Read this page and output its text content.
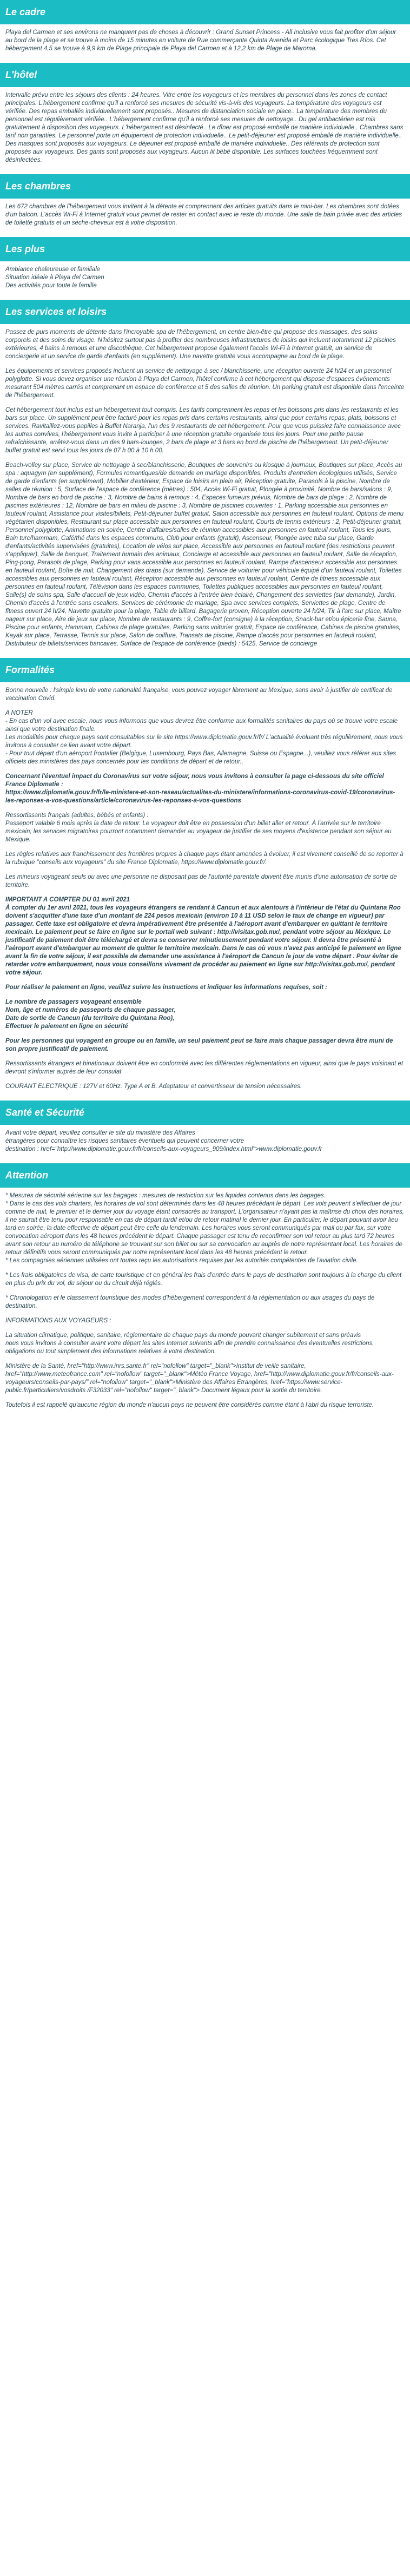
Le cadre

Playa del Carmen et ses environs ne manquent pas de choses à découvrir : Grand Sunset Princess - All Inclusive vous fait profiter d'un séjour au bord de la plage et se trouve à moins de 15 minutes en voiture de Rue commerçante Quinta Avenida et Parc écologique Tres Ríos. Cet hébergement 4,5 se trouve à 9,9 km de Plage principale de Playa del Carmen et à 12,2 km de Plage de Maroma.

L'hôtel

Intervalle prévu entre les séjours des clients : 24 heures. Vitre entre les voyageurs et les membres du personnel dans les zones de contact principales. L'hébergement confirme qu'il a renforcé ses mesures de sécurité vis-à-vis des voyageurs. La température des voyageurs est vérifiée. Des repas emballés individuellement sont proposés.. Mesures de distanciation sociale en place.. La température des membres du personnel est régulièrement vérifiée.. L'hébergement confirme qu'il a renforcé ses mesures de nettoyage.. Du gel antibactérien est mis gratuitement à disposition des voyageurs. L'hébergement est désinfecté.. Le dîner est proposé emballé de manière individuelle.. Chambres sans tarif non garanties. Le personnel porte un équipement de protection individuelle.. Le petit-déjeuner est proposé emballé de manière individuelle.. Des masques sont proposés aux voyageurs. Le déjeuner est proposé emballé de manière individuelle.. Des référents de protection sont proposés aux voyageurs. Des gants sont proposés aux voyageurs. Aucun lit bébé disponible. Les surfaces touchées fréquemment sont désinfectées.

Les chambres

Les 672 chambres de l'hébergement vous invitent à la détente et comprennent des articles gratuits dans le mini-bar. Les chambres sont dotées d'un balcon. L'accès Wi-Fi à Internet gratuit vous permet de rester en contact avec le reste du monde. Une salle de bain privée avec des articles de toilette gratuits et un sèche-cheveux est à votre disposition.

Les plus
Ambiance chaleureuse et familiale
Situation idéale à Playa del Carmen
Des activités pour toute la famille
Les services et loisirs

Passez de purs moments de détente dans l'incroyable spa de l'hébergement, un centre bien-être qui propose des massages, des soins corporels et des soins du visage. N'hésitez surtout pas à profiter des nombreuses infrastructures de loisirs qui incluent notamment 12 piscines extérieures, 4 bains à remous et une discothèque. Cet hébergement propose également l'accès Wi-Fi à Internet gratuit, un service de conciergerie et un service de garde d'enfants (en supplément). Une navette gratuite vous accompagne au bord de la plage.

Les équipements et services proposés incluent un service de nettoyage à sec / blanchisserie, une réception ouverte 24 h/24 et un personnel polyglotte. Si vous devez organiser une réunion à Playa del Carmen, l'hôtel confirme à cet hébergement qui dispose d'espaces événements mesurant 504 mètres carrés et comprenant un espace de conférence et 5 des salles de réunion. Un parking gratuit est disponible dans l'enceinte de l'hébergement.

Cet hébergement tout inclus est un hébergement tout compris. Les tarifs comprennent les repas et les boissons pris dans les restaurants et les bars sur place. Un supplément peut être facturé pour les repas pris dans certains restaurants, ainsi que pour certains repas, plats, boissons et services. Ravitaillez-vous papilles à Buffet Naranja, l'un des 9 restaurants de cet hébergement. Pour que vous puissiez faire connaissance avec les autres convives, l'hébergement vous invite à participer à une réception gratuite organisée tous les jours. Pour une petite pause rafraîchissante, arrêtez-vous dans un des 9 bars-lounges, 2 bars de plage et 3 bars en bord de piscine de l'hébergement. Un petit-déjeuner buffet gratuit est servi tous les jours de 07 h 00 à 10 h 00.

Beach-volley sur place, Service de nettoyage à sec/blanchisserie, Boutiques de souvenirs ou kiosque à journaux, Boutiques sur place, Accès au spa : aquagym (en supplément), Formules romantiques/de demande en mariage disponibles, Produits d'entretien écologiques utilisés, Service de garde d'enfants (en supplément), Mobilier d'extérieur, Espace de loisirs en plein air, Réception gratuite, Parasols à la piscine, Nombre de salles de réunion : 5, Surface de l'espace de conférence (mètres) : 504, Accès Wi-Fi gratuit, Plongée à proximité, Nombre de bars/salons : 9, Nombre de bars en bord de piscine : 3, Nombre de bains à remous : 4, Espaces fumeurs prévus, Nombre de bars de plage : 2, Nombre de piscines extérieures : 12, Nombre de bars en milieu de piscine : 3, Nombre de piscines couvertes : 1, Parking accessible aux personnes en fauteuil roulant, Assistance pour visites/billets, Petit-déjeuner buffet gratuit, Salon accessible aux personnes en fauteuil roulant, Options de menu végétarien disponibles, Restaurant sur place accessible aux personnes en fauteuil roulant, Courts de tennis extérieurs : 2, Petit-déjeuner gratuit, Personnel polyglotte, Animations en soirée, Centre d'affaires/salles de réunion accessibles aux personnes en fauteuil roulant, Tous les jours, Bain turc/hammam, Café/thé dans les espaces communs, Club pour enfants (gratuit), Ascenseur, Plongée avec tuba sur place, Garde d'enfants/activités supervisées (gratuites), Location de vélos sur place, Accessible aux personnes en fauteuil roulant (des restrictions peuvent s'appliquer), Salle de banquet, Traitement humain des animaux, Concierge et accessible aux personnes en fauteuil roulant, Salle de réception, Ping-pong, Parasols de plage, Parking pour vans accessible aux personnes en fauteuil roulant, Rampe d'ascenseur accessible aux personnes en fauteuil roulant, Boîte de nuit, Changement des draps (sur demande), Service de voiturier pour véhicule équipé d'un fauteuil roulant, Toilettes accessibles aux personnes en fauteuil roulant, Réception accessible aux personnes en fauteuil roulant, Centre de fitness accessible aux personnes en fauteuil roulant, Télévision dans les espaces communes, Toilettes publiques accessibles aux personnes en fauteuil roulant, Salle(s) de soins spa, Salle d'accueil de jeux vidéo, Chemin d'accès à l'entrée bien éclairé, Changement des serviettes (sur demande), Jardin, Chemin d'accès à l'entrée sans escaliers, Services de cérémonie de mariage, Spa avec services complets, Serviettes de plage, Centre de fitness ouvert 24 h/24, Navette gratuite pour la plage, Table de billard, Bagagerie proven, Réception ouverte 24 h/24, Tir à l'arc sur place, Maître nageur sur place, Aire de jeux sur place, Nombre de restaurants : 9, Coffre-fort (consigne) à la réception, Snack-bar et/ou épicerie fine, Sauna, Piscine pour enfants, Hammam, Cabines de plage gratuites, Parking sans voiturier gratuit, Espace de conférence, Cabines de piscine gratuites, Kayak sur place, Terrasse, Tennis sur place, Salon de coiffure, Transats de piscine, Rampe d'accès pour personnes en fauteuil roulant, Distributeur de billets/services bancaires, Surface de l'espace de conférence (pieds) : 5425, Service de concierge

Formalités

Bonne nouvelle : l'simple levu de votre nationalité française, vous pouvez voyager librement au Mexique, sans avoir à justifier de certificat de vaccination Covid.

A NOTER
- En cas d'un vol avec escale, nous vous informons que vous devrez être conforme aux formalités sanitaires du pays où se trouve votre escale ainsi que votre destination finale.
Les modalités pour chaque pays sont consultables sur le site https://www.diplomatie.gouv.fr/fr/ L'actualité évoluant très régulièrement, nous vous invitons à consulter ce lien avant votre départ.
- Pour tout départ d'un aéroport frontalier (Belgique, Luxembourg, Pays Bas, Allemagne, Suisse ou Espagne...), veuillez vous référer aux sites officiels des ministères des pays concernés pour les conditions de départ et de retour..

Concernant l'éventuel impact du Coronavirus sur votre séjour, nous vous invitons à consulter la page ci-dessous du site officiel France Diplomatie :
https://www.diplomatie.gouv.fr/fr/le-ministere-et-son-reseau/actualites-du-ministere/informations-coronavirus-covid-19/coronavirus-les-reponses-a-vos-questions/article/coronavirus-les-reponses-a-vos-questions

Ressortissants français (adultes, bébés et enfants) :
Passeport valable 6 mois après la date de retour. Le voyageur doit être en possession d'un billet aller et retour. À l'arrivée sur le territoire mexicain, les services migratoires pourront notamment demander au voyageur de justifier de ses moyens d'existence pendant son séjour au Mexique.

Les règles relatives aux franchissement des frontières propres à chaque pays étant amenées à évoluer, il est vivement conseillé de se reporter à la rubrique "conseils aux voyageurs" du site France Diplomatie, https://www.diplomatie.gouv.fr/.

Les mineurs voyageant seuls ou avec une personne ne disposant pas de l'autorité parentale doivent être munis d'une autorisation de sortie de territoire.

IMPORTANT A COMPTER DU 01 avril 2021
À compter du 1er avril 2021, tous les voyageurs étrangers se rendant à Cancun et aux alentours à l'intérieur de l'état du Quintana Roo doivent s'acquitter d'une taxe d'un montant de 224 pesos mexicain (environ 10 à 11 USD selon le taux de change en vigueur) par passager. Cette taxe est obligatoire et devra impérativement être présentée à l'aéroport avant d'embarquer en quittant le territoire mexicain. Le paiement peut se faire en ligne sur le portail web suivant : http://visitax.gob.mx/, pendant votre séjour au Mexique. Le justificatif de paiement doit être téléchargé et devra se conserver minutieusement pendant votre séjour. Il devra être présenté à l'aéroport avant d'embarquer au moment de quitter le territoire mexicain. Dans le cas où vous n'avez pas anticipé le paiement en ligne avant la fin de votre séjour, il est possible de demander une assistance à l'aéroport de Cancun le jour de votre départ . Pour éviter de retarder votre embarquement, nous vous conseillons vivement de procéder au paiement en ligne sur http://visitax.gob.mx/, pendant votre séjour.

Pour réaliser le paiement en ligne, veuillez suivre les instructions et indiquer les informations requises, soit :

Le nombre de passagers voyageant ensemble
Nom, âge et numéros de passeports de chaque passager,
Date de sortie de Cancun (du territoire du Quintana Roo),
Effectuer le paiement en ligne en sécurité

Pour les personnes qui voyagent en groupe ou en famille, un seul paiement peut se faire mais chaque passager devra être muni de son propre justificatif de paiement.

Ressortissants étrangers et binationaux doivent être en conformité avec les différentes réglementations en vigueur, ainsi que le pays voisinant et devront s'informer auprès de leur consulat.

COURANT ELECTRIQUE : 127V et 60Hz. Type A et B. Adaptateur et convertisseur de tension nécessaires.

Santé et Sécurité

Avant votre départ, veuillez consulter le site du ministère des Affaires
étrangères pour connaître les risques sanitaires éventuels qui peuvent concerner votre
destination : href="http://www.diplomatie.gouv.fr/fr/conseils-aux-voyageurs_909/index.html">www.diplomatie.gouv.fr

Attention

* Mesures de sécurité aérienne sur les bagages : mesures de restriction sur les liquides contenus dans les bagages.
* Dans le cas des vols charters, les horaires de vol sont déterminés dans les 48 heures précédant le départ. Les vols peuvent s'effectuer de jour comme de nuit, le premier et le dernier jour du voyage étant consacrés au transport. L'organisateur n'ayant pas la maîtrise du choix des horaires, il ne saurait être tenu pour responsable en cas de départ tardif et/ou de retour matinal le dernier jour. En particulier, le départ pouvant avoir lieu tard en soirée, la date effective de départ peut être celle du lendemain. Les horaires vous seront communiqués par mail ou par fax, sur votre convocation aéroport dans les 48 heures précédent le départ. Chaque passager est tenu de reconfirmer son vol retour au plus tard 72 heures avant son retour au numéro de téléphone se trouvant sur son billet ou sur sa convocation au auprès de notre représentant local. Les horaires de retour définitifs vous seront communiqués par notre représentant local dans les 48 heures précédant le retour.
* Les compagnies aériennes utilisées ont toutes reçu les autorisations requises par les autorités compétentes de l'aviation civile.

* Les frais obligatoires de visa, de carte touristique et en général les frais d'entrée dans le pays de destination sont toujours à la charge du client en plus du prix du vol, du séjour ou du circuit déjà réglés.

* Chronologation et le classement touristique des modes d'hébergement correspondent à la réglementation ou aux usages du pays de destination.

INFORMATIONS AUX VOYAGEURS :

La situation climatique, politique, sanitaire, réglementaire de chaque pays du monde pouvant changer subitement et sans préavis
nous vous invitons à consulter avant votre départ les sites Internet suivants afin de prendre connaissance des éventuelles restrictions, obligations ou tout simplement des informations relatives à votre destination.

Ministère de la Santé, href="http://www.inrs.sante.fr" rel="nofollow" target="_blank">Institut de veille sanitaire, href="http://www.meteofrance.com" rel="nofollow" target="_blank">Météo France Voyage, href="http://www.diplomatie.gouv.fr/fr/conseils-aux-voyageurs/conseils-par-pays/" rel="nofollow" target="_blank">Ministère des Affaires Etrangères, href="https://www.service-public.fr/particuliers/vosdroits /F32033" rel="nofollow" target="_blank"> Document légaux pour la sortie du territoire.

Toutefois il est rappelé qu'aucune région du monde n'aucun pays ne peuvent être considérés comme étant à l'abri du risque terroriste.
